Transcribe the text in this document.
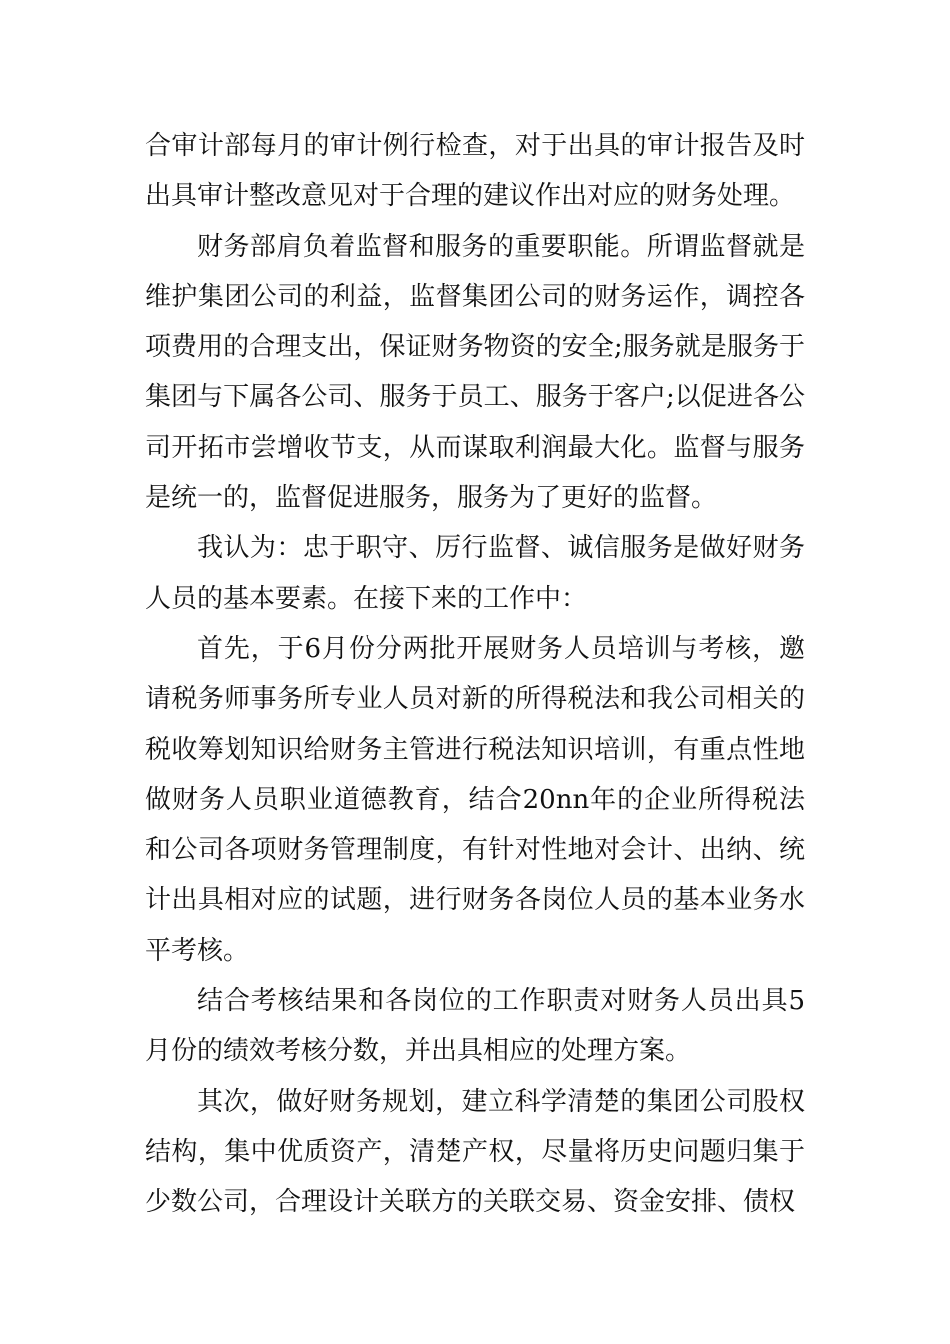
合审计部每月的审计例行检查，对于出具的审计报告及时出具审计整改意见对于合理的建议作出对应的财务处理。

财务部肩负着监督和服务的重要职能。所谓监督就是维护集团公司的利益，监督集团公司的财务运作，调控各项费用的合理支出，保证财务物资的安全;服务就是服务于集团与下属各公司、服务于员工、服务于客户;以促进各公司开拓市尝增收节支，从而谋取利润最大化。监督与服务是统一的，监督促进服务，服务为了更好的监督。

我认为：忠于职守、厉行监督、诚信服务是做好财务人员的基本要素。在接下来的工作中：

首先，于6月份分两批开展财务人员培训与考核，邀请税务师事务所专业人员对新的所得税法和我公司相关的税收筹划知识给财务主管进行税法知识培训，有重点性地做财务人员职业道德教育，结合20nn年的企业所得税法和公司各项财务管理制度，有针对性地对会计、出纳、统计出具相对应的试题，进行财务各岗位人员的基本业务水平考核。

结合考核结果和各岗位的工作职责对财务人员出具5月份的绩效考核分数，并出具相应的处理方案。

其次，做好财务规划，建立科学清楚的集团公司股权结构，集中优质资产，清楚产权，尽量将历史问题归集于少数公司，合理设计关联方的关联交易、资金安排、债权
